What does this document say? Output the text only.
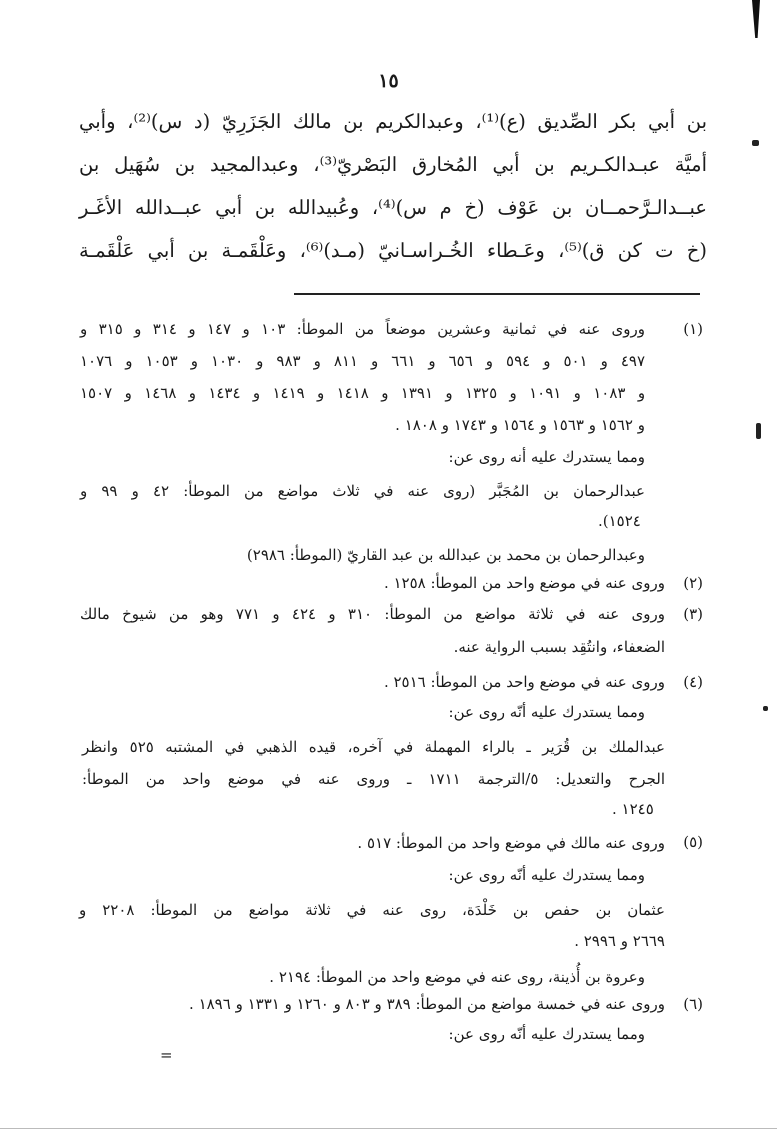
١٥
بن أبي بكر الصِّديق (ع)⁽¹⁾، وعبدالكريم بن مالك الجَزَرِيّ (د س)⁽²⁾، وأبي
أميَّة عبـدالكـريم بن أبي المُخارق البَصْريّ⁽³⁾، وعبدالمجيد بن سُهَيل بن
عبــدالـرَّحمــان بن عَوْف (خ م س)⁽⁴⁾، وعُبيدالله بن أبي عبــدالله الأغَـر
(خ ت كن ق)⁽⁵⁾، وعَـطاء الخُـراسـانيّ (مـد)⁽⁶⁾، وعَلْقَمـة بن أبي عَلْقَمـة
(١)
وروى عنه في ثمانية وعشرين موضعاً من الموطأ: ١٠٣ و ١٤٧ و ٣١٤ و ٣١٥ و
٤٩٧ و ٥٠١ و ٥٩٤ و ٦٥٦ و ٦٦١ و ٨١١ و ٩٨٣ و ١٠٣٠ و ١٠٥٣ و ١٠٧٦
و ١٠٨٣ و ١٠٩١ و ١٣٢٥ و ١٣٩١ و ١٤١٨ و ١٤١٩ و ١٤٣٤ و ١٤٦٨ و ١٥٠٧
و ١٥٦٢ و ١٥٦٣ و ١٥٦٤ و ١٧٤٣ و ١٨٠٨ .
ومما يستدرك عليه أنه روى عن:
عبدالرحمان بن المُجَبَّر (روى عنه في ثلاث مواضع من الموطأ: ٤٢ و ٩٩ و
١٥٢٤).
وعبدالرحمان بن محمد بن عبدالله بن عبد القاريّ (الموطأ: ٢٩٨٦)
(٢)
وروى عنه في موضع واحد من الموطأ: ١٢٥٨ .
(٣)
وروى عنه في ثلاثة مواضع من الموطأ: ٣١٠ و ٤٢٤ و ٧٧١ وهو من شيوخ مالك
الضعفاء، وانتُقِد بسبب الرواية عنه.
(٤)
وروى عنه في موضع واحد من الموطأ: ٢٥١٦ .
ومما يستدرك عليه أنّه روى عن:
عبدالملك بن قُرَير ـ بالراء المهملة في آخره، قيده الذهبي في المشتبه ٥٢٥ وانظر
الجرح والتعديل: ٥/الترجمة ١٧١١ ـ وروى عنه في موضع واحد من الموطأ:
١٢٤٥ .
(٥)
وروى عنه مالك في موضع واحد من الموطأ: ٥١٧ .
ومما يستدرك عليه أنّه روى عن:
عثمان بن حفص بن خَلْدَة، روى عنه في ثلاثة مواضع من الموطأ: ٢٢٠٨ و
٢٦٦٩ و ٢٩٩٦ .
وعروة بن أُذينة، روى عنه في موضع واحد من الموطأ: ٢١٩٤ .
(٦)
وروى عنه في خمسة مواضع من الموطأ: ٣٨٩ و ٨٠٣ و ١٢٦٠ و ١٣٣١ و ١٨٩٦ .
ومما يستدرك عليه أنّه روى عن:
=
